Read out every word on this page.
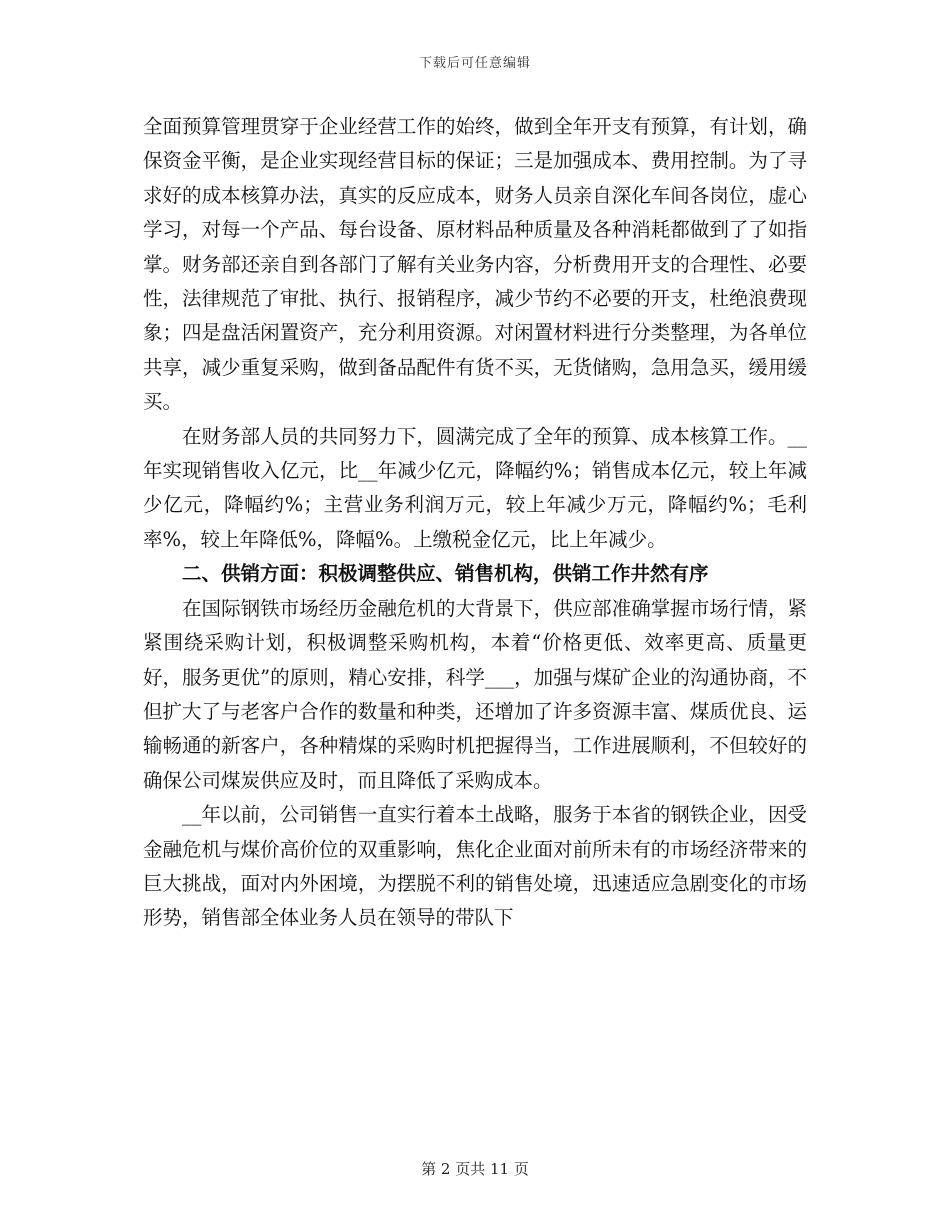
下载后可任意编辑

全面预算管理贯穿于企业经营工作的始终，做到全年开支有预算，有计划，确保资金平衡，是企业实现经营目标的保证；三是加强成本、费用控制。为了寻求好的成本核算办法，真实的反应成本，财务人员亲自深化车间各岗位，虚心学习，对每一个产品、每台设备、原材料品种质量及各种消耗都做到了了如指掌。财务部还亲自到各部门了解有关业务内容，分析费用开支的合理性、必要性，法律规范了审批、执行、报销程序，减少节约不必要的开支，杜绝浪费现象；四是盘活闲置资产，充分利用资源。对闲置材料进行分类整理，为各单位共享，减少重复采购，做到备品配件有货不买，无货储购，急用急买，缓用缓买。

在财务部人员的共同努力下，圆满完成了全年的预算、成本核算工作。__年实现销售收入亿元，比__年减少亿元，降幅约%；销售成本亿元，较上年减少亿元，降幅约%；主营业务利润万元，较上年减少万元，降幅约%；毛利率%，较上年降低%，降幅%。上缴税金亿元，比上年减少。

二、供销方面：积极调整供应、销售机构，供销工作井然有序

在国际钢铁市场经历金融危机的大背景下，供应部准确掌握市场行情，紧紧围绕采购计划，积极调整采购机构，本着“价格更低、效率更高、质量更好，服务更优”的原则，精心安排，科学___，加强与煤矿企业的沟通协商，不但扩大了与老客户合作的数量和种类，还增加了许多资源丰富、煤质优良、运输畅通的新客户，各种精煤的采购时机把握得当，工作进展顺利，不但较好的确保公司煤炭供应及时，而且降低了采购成本。

__年以前，公司销售一直实行着本土战略，服务于本省的钢铁企业，因受金融危机与煤价高价位的双重影响，焦化企业面对前所未有的市场经济带来的巨大挑战，面对内外困境，为摆脱不利的销售处境，迅速适应急剧变化的市场形势，销售部全体业务人员在领导的带队下

第 2 页共 11 页
